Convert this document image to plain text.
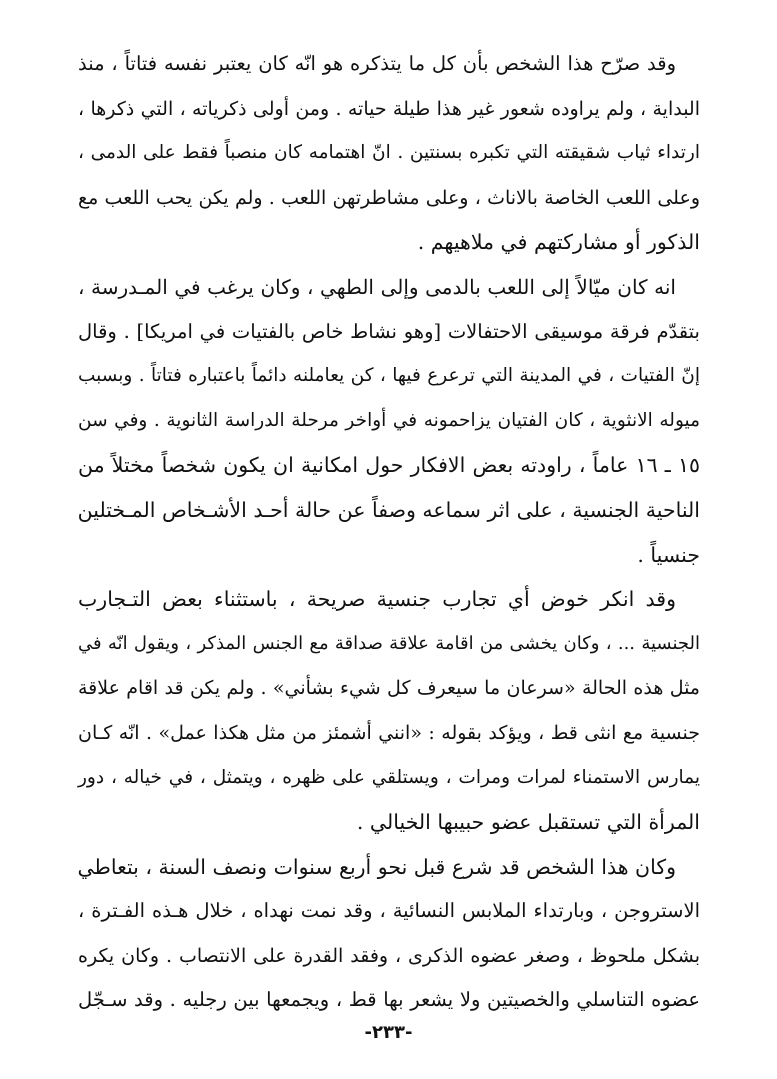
وقد صرّح هذا الشخص بأن كل ما يتذكره هو انّه كان يعتبر نفسه فتاتاً ، منذ
البداية ، ولم يراوده شعور غير هذا طيلة حياته . ومن أولى ذكرياته ، التي ذكرها ،
ارتداء ثياب شقيقته التي تكبره بسنتين . انّ اهتمامه كان منصباً فقط على الدمى ،
وعلى اللعب الخاصة بالاناث ، وعلى مشاطرتهن اللعب . ولم يكن يحب اللعب مع
الذكور أو مشاركتهم في ملاهيهم .
انه كان ميّالاً إلى اللعب بالدمى وإلى الطهي ، وكان يرغب في المـدرسة ،
بتقدّم فرقة موسيقى الاحتفالات [وهو نشاط خاص بالفتيات في امريكا] . وقال
إنّ الفتيات ، في المدينة التي ترعرع فيها ، كن يعاملنه دائماً باعتباره فتاتاً . وبسبب
ميوله الانثوية ، كان الفتيان يزاحمونه في أواخر مرحلة الدراسة الثانوية . وفي سن
١٥ ـ ١٦ عاماً ، راودته بعض الافكار حول امكانية ان يكون شخصاً مختلاً من
الناحية الجنسية ، على اثر سماعه وصفاً عن حالة أحـد الأشـخاص المـختلين
جنسياً .
وقد انكر خوض أي تجارب جنسية صريحة ، باستثناء بعض التـجارب
الجنسية ... ، وكان يخشى من اقامة علاقة صداقة مع الجنس المذكر ، ويقول انّه في
مثل هذه الحالة «سرعان ما سيعرف كل شيء بشأني» . ولم يكن قد اقام علاقة
جنسية مع انثى قط ، ويؤكد بقوله : «انني أشمئز من مثل هكذا عمل» . انّه كـان
يمارس الاستمناء لمرات ومرات ، ويستلقي على ظهره ، ويتمثل ، في خياله ، دور
المرأة التي تستقبل عضو حبيبها الخيالي .
وكان هذا الشخص قد شرع قبل نحو أربع سنوات ونصف السنة ، بتعاطي
الاستروجن ، وبارتداء الملابس النسائية ، وقد نمت نهداه ، خلال هـذه الفـترة ،
بشكل ملحوظ ، وصغر عضوه الذكرى ، وفقد القدرة على الانتصاب . وكان يكره
عضوه التناسلي والخصيتين ولا يشعر بها قط ، ويجمعها بين رجليه . وقد سـجّل
-٢٣٣-
